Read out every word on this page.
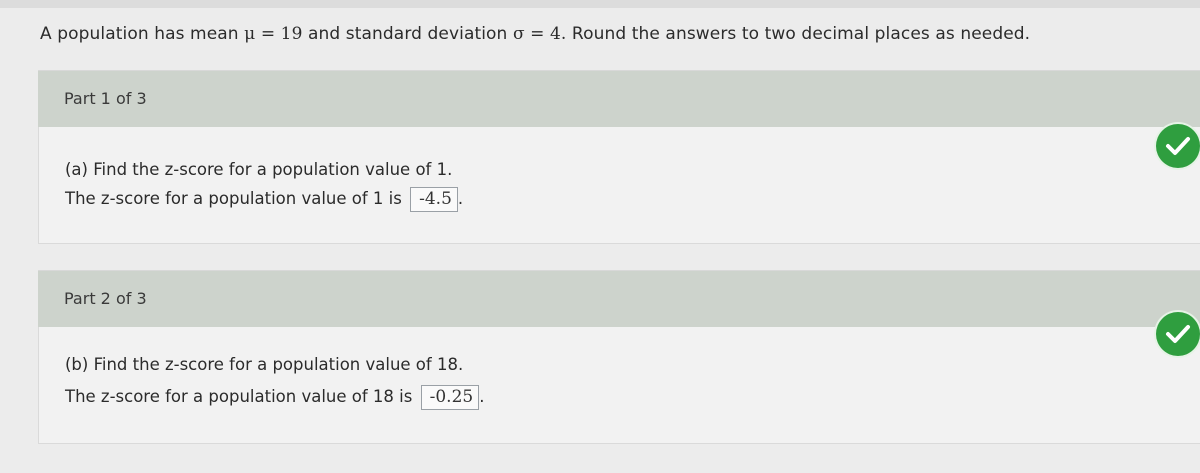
A population has mean μ = 19 and standard deviation σ = 4. Round the answers to two decimal places as needed.
Part 1 of 3
(a) Find the z-score for a population value of 1.
The z-score for a population value of 1 is -4.5 .
Part 2 of 3
(b) Find the z-score for a population value of 18.
The z-score for a population value of 18 is -0.25 .
